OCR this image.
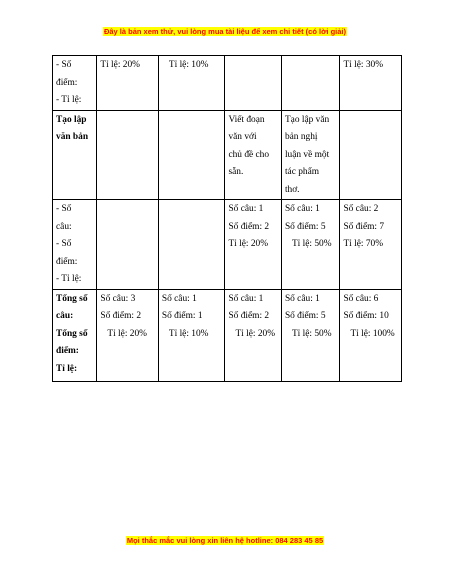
Đây là bản xem thử, vui lòng mua tài liệu để xem chi tiết (có lời giải)
- Số
điểm:
- Tỉ lệ:	Tỉ lệ: 20%	Tỉ lệ: 10%			Tỉ lệ: 30%

Tạo lập
văn bản			Viết đoạn
văn với
chủ đề cho
sẵn.	Tạo lập văn
bản nghị
luận về một
tác phẩm
thơ.	

- Số
câu:
- Số
điểm:
- Tỉ lệ:			Số câu: 1
Số điểm: 2
Tỉ lệ: 20%	Số câu: 1
Số điểm: 5
Tỉ lệ: 50%	Số câu: 2
Số điểm: 7
Tỉ lệ: 70%

Tổng số
câu:
Tổng số
điểm:
Tỉ lệ:	Số câu: 3
Số điểm: 2
Tỉ lệ: 20%	Số câu: 1
Số điểm: 1
Tỉ lệ: 10%	Số câu: 1
Số điểm: 2
Tỉ lệ: 20%	Số câu: 1
Số điểm: 5
Tỉ lệ: 50%	Số câu: 6
Số điểm: 10
Tỉ lệ: 100%
Mọi thắc mắc vui lòng xin liên hệ hotline: 084 283 45 85
